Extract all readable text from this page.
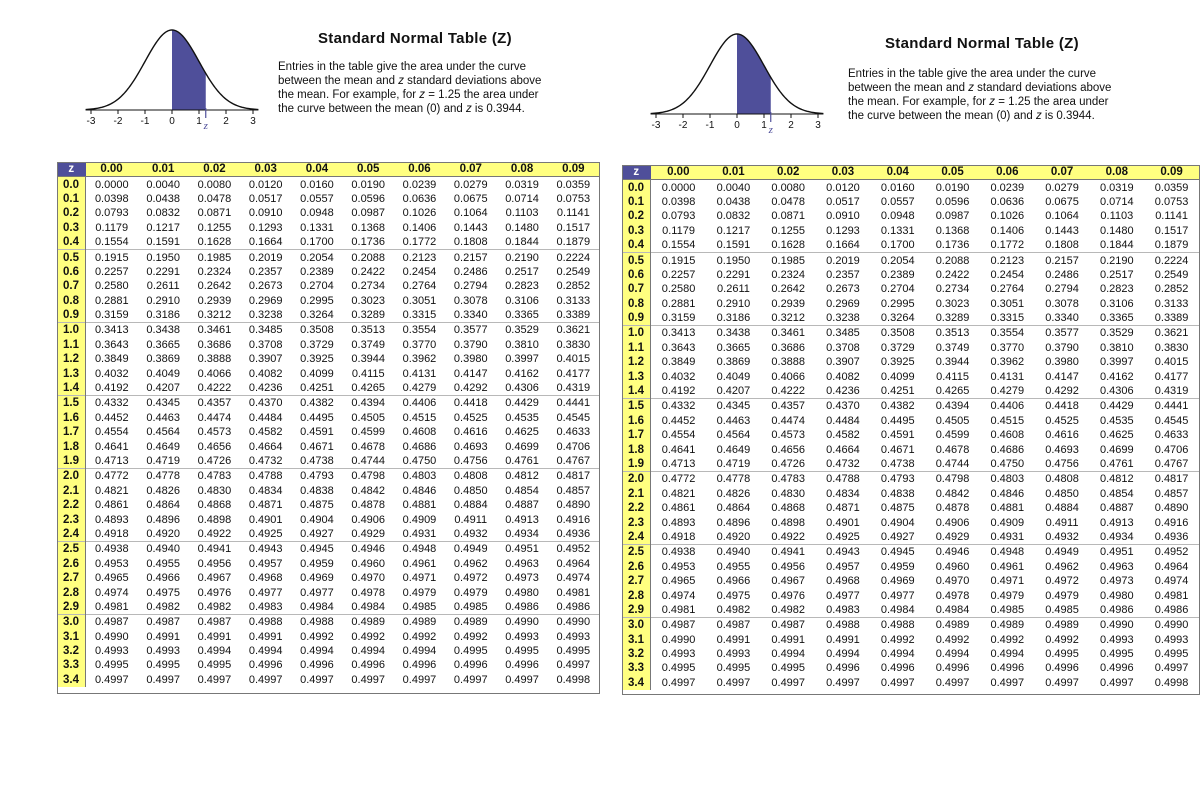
-3 -2 -1 0 1 2 3
z
Standard Normal Table (Z)
Entries in the table give the area under the curve
between the mean and z standard deviations above
the mean. For example, for z = 1.25 the area under
the curve between the mean (0) and z is 0.3944.
z	0.00	0.01	0.02	0.03	0.04	0.05	0.06	0.07	0.08	0.09
0.0	0.0000	0.0040	0.0080	0.0120	0.0160	0.0190	0.0239	0.0279	0.0319	0.0359
0.1	0.0398	0.0438	0.0478	0.0517	0.0557	0.0596	0.0636	0.0675	0.0714	0.0753
0.2	0.0793	0.0832	0.0871	0.0910	0.0948	0.0987	0.1026	0.1064	0.1103	0.1141
0.3	0.1179	0.1217	0.1255	0.1293	0.1331	0.1368	0.1406	0.1443	0.1480	0.1517
0.4	0.1554	0.1591	0.1628	0.1664	0.1700	0.1736	0.1772	0.1808	0.1844	0.1879
0.5	0.1915	0.1950	0.1985	0.2019	0.2054	0.2088	0.2123	0.2157	0.2190	0.2224
0.6	0.2257	0.2291	0.2324	0.2357	0.2389	0.2422	0.2454	0.2486	0.2517	0.2549
0.7	0.2580	0.2611	0.2642	0.2673	0.2704	0.2734	0.2764	0.2794	0.2823	0.2852
0.8	0.2881	0.2910	0.2939	0.2969	0.2995	0.3023	0.3051	0.3078	0.3106	0.3133
0.9	0.3159	0.3186	0.3212	0.3238	0.3264	0.3289	0.3315	0.3340	0.3365	0.3389
1.0	0.3413	0.3438	0.3461	0.3485	0.3508	0.3513	0.3554	0.3577	0.3529	0.3621
1.1	0.3643	0.3665	0.3686	0.3708	0.3729	0.3749	0.3770	0.3790	0.3810	0.3830
1.2	0.3849	0.3869	0.3888	0.3907	0.3925	0.3944	0.3962	0.3980	0.3997	0.4015
1.3	0.4032	0.4049	0.4066	0.4082	0.4099	0.4115	0.4131	0.4147	0.4162	0.4177
1.4	0.4192	0.4207	0.4222	0.4236	0.4251	0.4265	0.4279	0.4292	0.4306	0.4319
1.5	0.4332	0.4345	0.4357	0.4370	0.4382	0.4394	0.4406	0.4418	0.4429	0.4441
1.6	0.4452	0.4463	0.4474	0.4484	0.4495	0.4505	0.4515	0.4525	0.4535	0.4545
1.7	0.4554	0.4564	0.4573	0.4582	0.4591	0.4599	0.4608	0.4616	0.4625	0.4633
1.8	0.4641	0.4649	0.4656	0.4664	0.4671	0.4678	0.4686	0.4693	0.4699	0.4706
1.9	0.4713	0.4719	0.4726	0.4732	0.4738	0.4744	0.4750	0.4756	0.4761	0.4767
2.0	0.4772	0.4778	0.4783	0.4788	0.4793	0.4798	0.4803	0.4808	0.4812	0.4817
2.1	0.4821	0.4826	0.4830	0.4834	0.4838	0.4842	0.4846	0.4850	0.4854	0.4857
2.2	0.4861	0.4864	0.4868	0.4871	0.4875	0.4878	0.4881	0.4884	0.4887	0.4890
2.3	0.4893	0.4896	0.4898	0.4901	0.4904	0.4906	0.4909	0.4911	0.4913	0.4916
2.4	0.4918	0.4920	0.4922	0.4925	0.4927	0.4929	0.4931	0.4932	0.4934	0.4936
2.5	0.4938	0.4940	0.4941	0.4943	0.4945	0.4946	0.4948	0.4949	0.4951	0.4952
2.6	0.4953	0.4955	0.4956	0.4957	0.4959	0.4960	0.4961	0.4962	0.4963	0.4964
2.7	0.4965	0.4966	0.4967	0.4968	0.4969	0.4970	0.4971	0.4972	0.4973	0.4974
2.8	0.4974	0.4975	0.4976	0.4977	0.4977	0.4978	0.4979	0.4979	0.4980	0.4981
2.9	0.4981	0.4982	0.4982	0.4983	0.4984	0.4984	0.4985	0.4985	0.4986	0.4986
3.0	0.4987	0.4987	0.4987	0.4988	0.4988	0.4989	0.4989	0.4989	0.4990	0.4990
3.1	0.4990	0.4991	0.4991	0.4991	0.4992	0.4992	0.4992	0.4992	0.4993	0.4993
3.2	0.4993	0.4993	0.4994	0.4994	0.4994	0.4994	0.4994	0.4995	0.4995	0.4995
3.3	0.4995	0.4995	0.4995	0.4996	0.4996	0.4996	0.4996	0.4996	0.4996	0.4997
3.4	0.4997	0.4997	0.4997	0.4997	0.4997	0.4997	0.4997	0.4997	0.4997	0.4998
-3 -2 -1 0 1 2 3
z
Standard Normal Table (Z)
Entries in the table give the area under the curve
between the mean and z standard deviations above
the mean. For example, for z = 1.25 the area under
the curve between the mean (0) and z is 0.3944.
z	0.00	0.01	0.02	0.03	0.04	0.05	0.06	0.07	0.08	0.09
0.0	0.0000	0.0040	0.0080	0.0120	0.0160	0.0190	0.0239	0.0279	0.0319	0.0359
0.1	0.0398	0.0438	0.0478	0.0517	0.0557	0.0596	0.0636	0.0675	0.0714	0.0753
0.2	0.0793	0.0832	0.0871	0.0910	0.0948	0.0987	0.1026	0.1064	0.1103	0.1141
0.3	0.1179	0.1217	0.1255	0.1293	0.1331	0.1368	0.1406	0.1443	0.1480	0.1517
0.4	0.1554	0.1591	0.1628	0.1664	0.1700	0.1736	0.1772	0.1808	0.1844	0.1879
0.5	0.1915	0.1950	0.1985	0.2019	0.2054	0.2088	0.2123	0.2157	0.2190	0.2224
0.6	0.2257	0.2291	0.2324	0.2357	0.2389	0.2422	0.2454	0.2486	0.2517	0.2549
0.7	0.2580	0.2611	0.2642	0.2673	0.2704	0.2734	0.2764	0.2794	0.2823	0.2852
0.8	0.2881	0.2910	0.2939	0.2969	0.2995	0.3023	0.3051	0.3078	0.3106	0.3133
0.9	0.3159	0.3186	0.3212	0.3238	0.3264	0.3289	0.3315	0.3340	0.3365	0.3389
1.0	0.3413	0.3438	0.3461	0.3485	0.3508	0.3513	0.3554	0.3577	0.3529	0.3621
1.1	0.3643	0.3665	0.3686	0.3708	0.3729	0.3749	0.3770	0.3790	0.3810	0.3830
1.2	0.3849	0.3869	0.3888	0.3907	0.3925	0.3944	0.3962	0.3980	0.3997	0.4015
1.3	0.4032	0.4049	0.4066	0.4082	0.4099	0.4115	0.4131	0.4147	0.4162	0.4177
1.4	0.4192	0.4207	0.4222	0.4236	0.4251	0.4265	0.4279	0.4292	0.4306	0.4319
1.5	0.4332	0.4345	0.4357	0.4370	0.4382	0.4394	0.4406	0.4418	0.4429	0.4441
1.6	0.4452	0.4463	0.4474	0.4484	0.4495	0.4505	0.4515	0.4525	0.4535	0.4545
1.7	0.4554	0.4564	0.4573	0.4582	0.4591	0.4599	0.4608	0.4616	0.4625	0.4633
1.8	0.4641	0.4649	0.4656	0.4664	0.4671	0.4678	0.4686	0.4693	0.4699	0.4706
1.9	0.4713	0.4719	0.4726	0.4732	0.4738	0.4744	0.4750	0.4756	0.4761	0.4767
2.0	0.4772	0.4778	0.4783	0.4788	0.4793	0.4798	0.4803	0.4808	0.4812	0.4817
2.1	0.4821	0.4826	0.4830	0.4834	0.4838	0.4842	0.4846	0.4850	0.4854	0.4857
2.2	0.4861	0.4864	0.4868	0.4871	0.4875	0.4878	0.4881	0.4884	0.4887	0.4890
2.3	0.4893	0.4896	0.4898	0.4901	0.4904	0.4906	0.4909	0.4911	0.4913	0.4916
2.4	0.4918	0.4920	0.4922	0.4925	0.4927	0.4929	0.4931	0.4932	0.4934	0.4936
2.5	0.4938	0.4940	0.4941	0.4943	0.4945	0.4946	0.4948	0.4949	0.4951	0.4952
2.6	0.4953	0.4955	0.4956	0.4957	0.4959	0.4960	0.4961	0.4962	0.4963	0.4964
2.7	0.4965	0.4966	0.4967	0.4968	0.4969	0.4970	0.4971	0.4972	0.4973	0.4974
2.8	0.4974	0.4975	0.4976	0.4977	0.4977	0.4978	0.4979	0.4979	0.4980	0.4981
2.9	0.4981	0.4982	0.4982	0.4983	0.4984	0.4984	0.4985	0.4985	0.4986	0.4986
3.0	0.4987	0.4987	0.4987	0.4988	0.4988	0.4989	0.4989	0.4989	0.4990	0.4990
3.1	0.4990	0.4991	0.4991	0.4991	0.4992	0.4992	0.4992	0.4992	0.4993	0.4993
3.2	0.4993	0.4993	0.4994	0.4994	0.4994	0.4994	0.4994	0.4995	0.4995	0.4995
3.3	0.4995	0.4995	0.4995	0.4996	0.4996	0.4996	0.4996	0.4996	0.4996	0.4997
3.4	0.4997	0.4997	0.4997	0.4997	0.4997	0.4997	0.4997	0.4997	0.4997	0.4998
